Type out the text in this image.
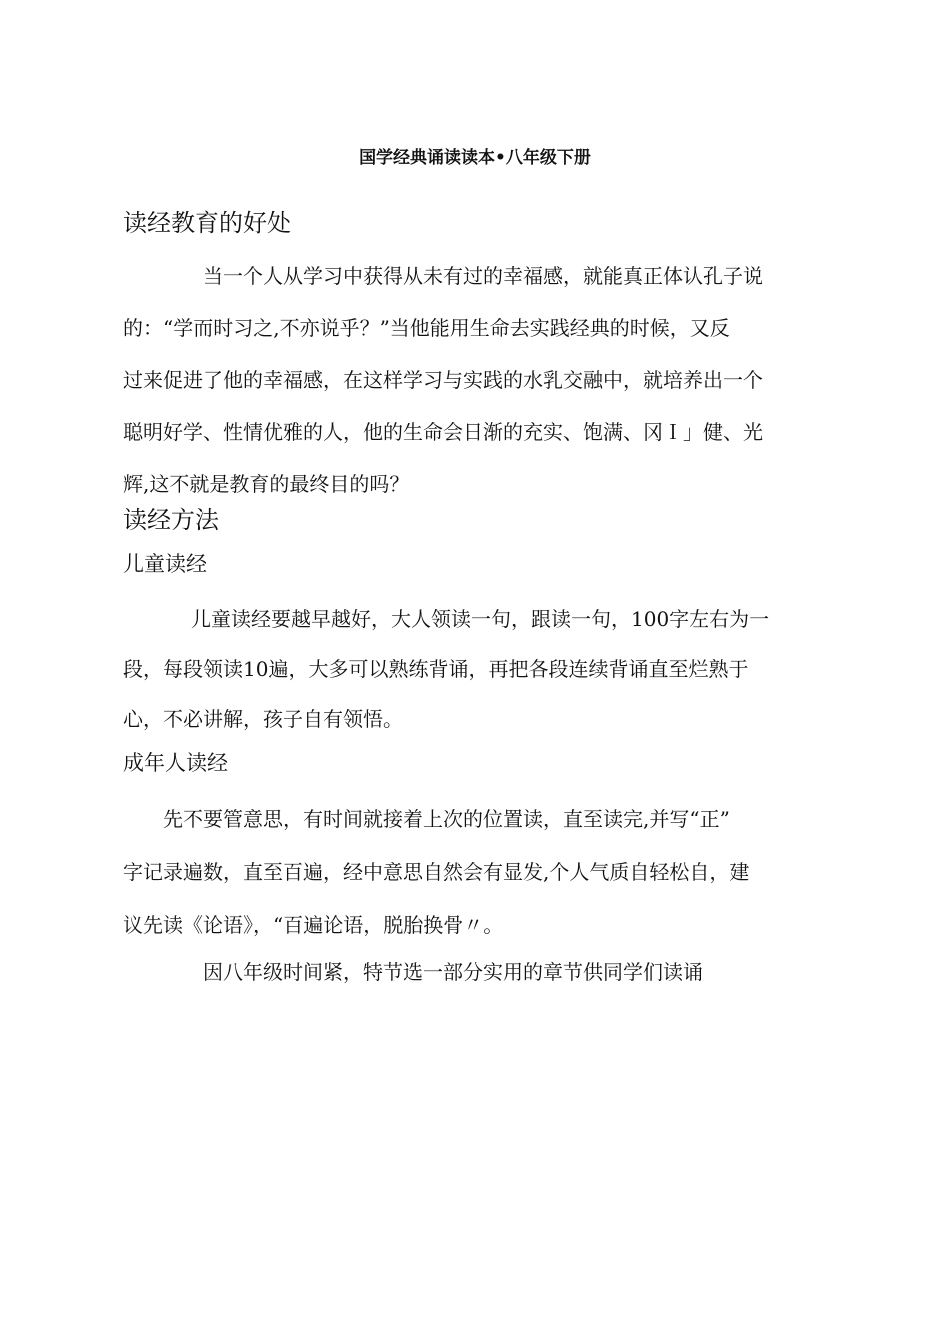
国学经典诵读读本•八年级下册
读经教育的好处

当一个人从学习中获得从未有过的幸福感，就能真正体认孔子说
的：“学而时习之,不亦说乎？”当他能用生命去实践经典的时候，又反
过来促进了他的幸福感，在这样学习与实践的水乳交融中，就培养出一个
聪明好学、性情优雅的人，他的生命会日渐的充实、饱满、冈Ｉ」健、光
辉,这不就是教育的最终目的吗？

读经方法
儿童读经

儿童读经要越早越好，大人领读一句，跟读一句，100字左右为一
段，每段领读10遍，大多可以熟练背诵，再把各段连续背诵直至烂熟于
心，不必讲解，孩子自有领悟。

成年人读经

先不要管意思，有时间就接着上次的位置读，直至读完,并写“正”
字记录遍数，直至百遍，经中意思自然会有显发,个人气质自轻松自，建
议先读《论语》，“百遍论语，脱胎换骨〃。

因八年级时间紧，特节选一部分实用的章节供同学们读诵
